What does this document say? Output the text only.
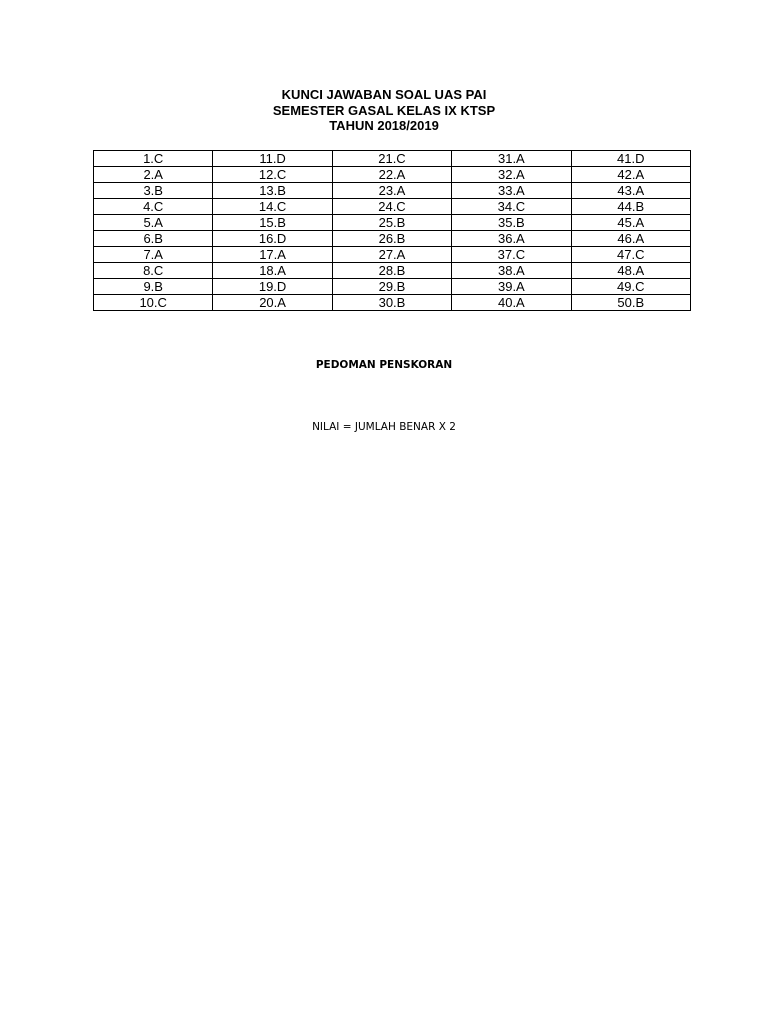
KUNCI JAWABAN SOAL UAS PAI
SEMESTER GASAL KELAS IX KTSP
TAHUN 2018/2019
1.C	11.D	21.C	31.A	41.D
2.A	12.C	22.A	32.A	42.A
3.B	13.B	23.A	33.A	43.A
4.C	14.C	24.C	34.C	44.B
5.A	15.B	25.B	35.B	45.A
6.B	16.D	26.B	36.A	46.A
7.A	17.A	27.A	37.C	47.C
8.C	18.A	28.B	38.A	48.A
9.B	19.D	29.B	39.A	49.C
10.C	20.A	30.B	40.A	50.B
PEDOMAN PENSKORAN
NILAI = JUMLAH BENAR X 2
